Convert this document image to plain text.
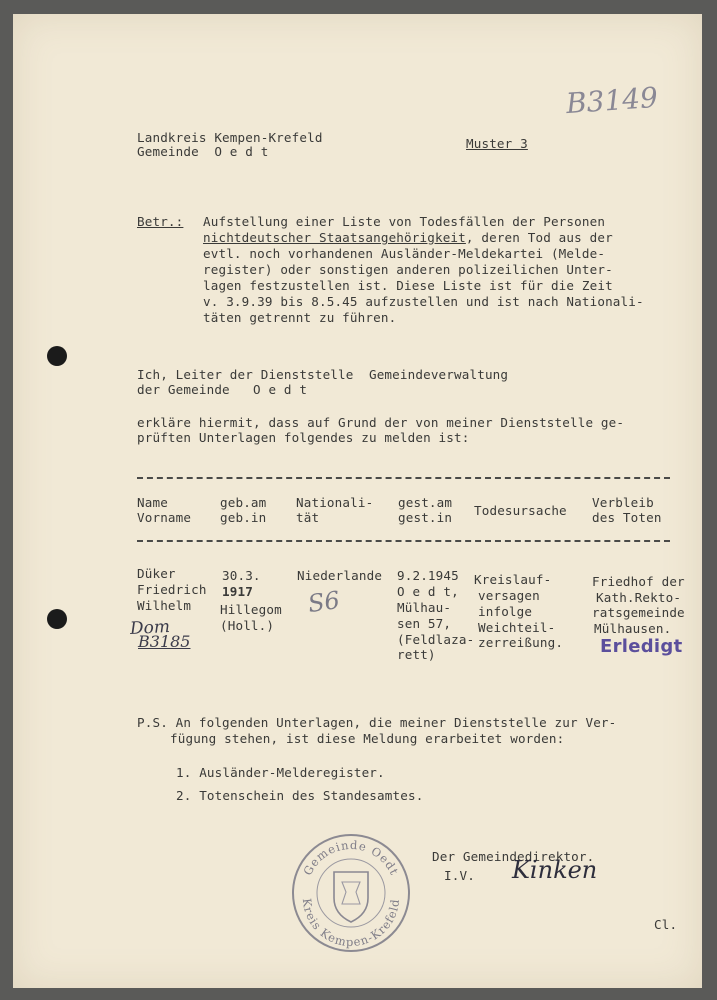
B3149

Landkreis Kempen-Krefeld

Gemeinde  O e d t

Muster 3

Betr.: Aufstellung einer Liste von Todesfällen der Personen

nichtdeutscher Staatsangehörigkeit, deren Tod aus der

evtl. noch vorhandenen Ausländer-Meldekartei (Melde-

register) oder sonstigen anderen polizeilichen Unter-

lagen festzustellen ist. Diese Liste ist für die Zeit

v. 3.9.39 bis 8.5.45 aufzustellen und ist nach Nationali-

täten getrennt zu führen.

Ich, Leiter der Dienststelle  Gemeindeverwaltung

der Gemeinde   O e d t

erkläre hiermit, dass auf Grund der von meiner Dienststelle ge-

prüften Unterlagen folgendes zu melden ist:

Name

Vorname

geb.am

geb.in

Nationali-

tät

gest.am

gest.in Todesursache

Verbleib

des Toten

Düker

Friedrich

Wilhelm

30.3.

1917

Hillegom

(Holl.)

Niederlande 9.2.1945

O e d t,

Mülhau-

sen 57,

(Feldlaza-

rett)

Kreislauf-

versagen

infolge

Weichteil-

zerreißung.

Friedhof der

Kath.Rekto-

ratsgemeinde

Mülhausen.

S6
Dom
B3185	Erledigt

P.S. An folgenden Unterlagen, die meiner Dienststelle zur Ver-

fügung stehen, ist diese Meldung erarbeitet worden:

1. Ausländer-Melderegister.

2. Totenschein des Standesamtes.

Der Gemeindedirektor.

I.V. Kinken
Gemeinde Oedt
Kreis Kempen-Krefeld

Cl.
